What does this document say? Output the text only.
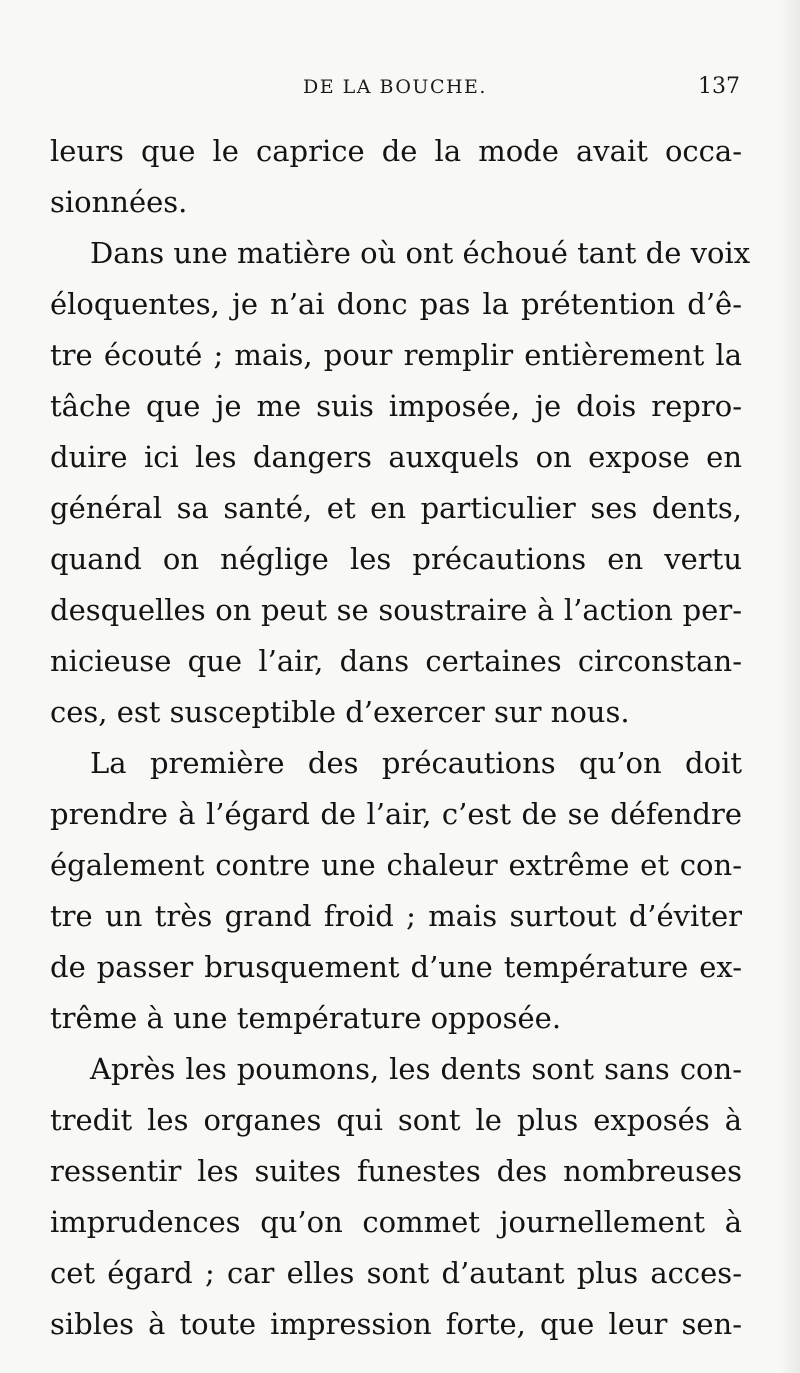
DE LA BOUCHE.	137
leurs que le caprice de la mode avait occa-
sionnées.
Dans une matière où ont échoué tant de voix
éloquentes, je n’ai donc pas la prétention d’ê-
tre écouté ; mais, pour remplir entièrement la
tâche que je me suis imposée, je dois repro-
duire ici les dangers auxquels on expose en
général sa santé, et en particulier ses dents,
quand on néglige les précautions en vertu
desquelles on peut se soustraire à l’action per-
nicieuse que l’air, dans certaines circonstan-
ces, est susceptible d’exercer sur nous.
La première des précautions qu’on doit
prendre à l’égard de l’air, c’est de se défendre
également contre une chaleur extrême et con-
tre un très grand froid ; mais surtout d’éviter
de passer brusquement d’une température ex-
trême à une température opposée.
Après les poumons, les dents sont sans con-
tredit les organes qui sont le plus exposés à
ressentir les suites funestes des nombreuses
imprudences qu’on commet journellement à
cet égard ; car elles sont d’autant plus acces-
sibles à toute impression forte, que leur sen-
